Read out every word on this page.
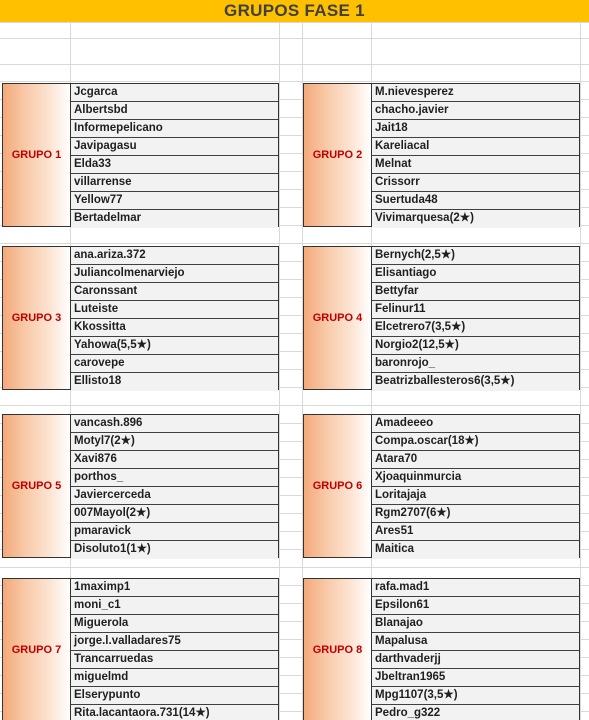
GRUPOS FASE 1
GRUPO 1
Jcgarca
Albertsbd
Informepelicano
Javipagasu
Elda33
villarrense
Yellow77
Bertadelmar
GRUPO 2
M.nievesperez
chacho.javier
Jait18
Kareliacal
Melnat
Crissorr
Suertuda48
Vivimarquesa(2★)
GRUPO 3
ana.ariza.372
Juliancolmenarviejo
Caronssant
Luteiste
Kkossitta
Yahowa(5,5★)
carovepe
Ellisto18
GRUPO 4
Bernych(2,5★)
Elisantiago
Bettyfar
Felinur11
Elcetrero7(3,5★)
Norgio2(12,5★)
baronrojo_
Beatrizballesteros6(3,5★)
GRUPO 5
vancash.896
Motyl7(2★)
Xavi876
porthos_
Javiercerceda
007Mayol(2★)
pmaravick
Disoluto1(1★)
GRUPO 6
Amadeeeo
Compa.oscar(18★)
Atara70
Xjoaquinmurcia
Loritajaja
Rgm2707(6★)
Ares51
Maitica
GRUPO 7
1maximp1
moni_c1
Miguerola
jorge.l.valladares75
Trancarruedas
miguelmd
Elserypunto
Rita.lacantaora.731(14★)
GRUPO 8
rafa.mad1
Epsilon61
Blanajao
Mapalusa
darthvaderjj
Jbeltran1965
Mpg1107(3,5★)
Pedro_g322
